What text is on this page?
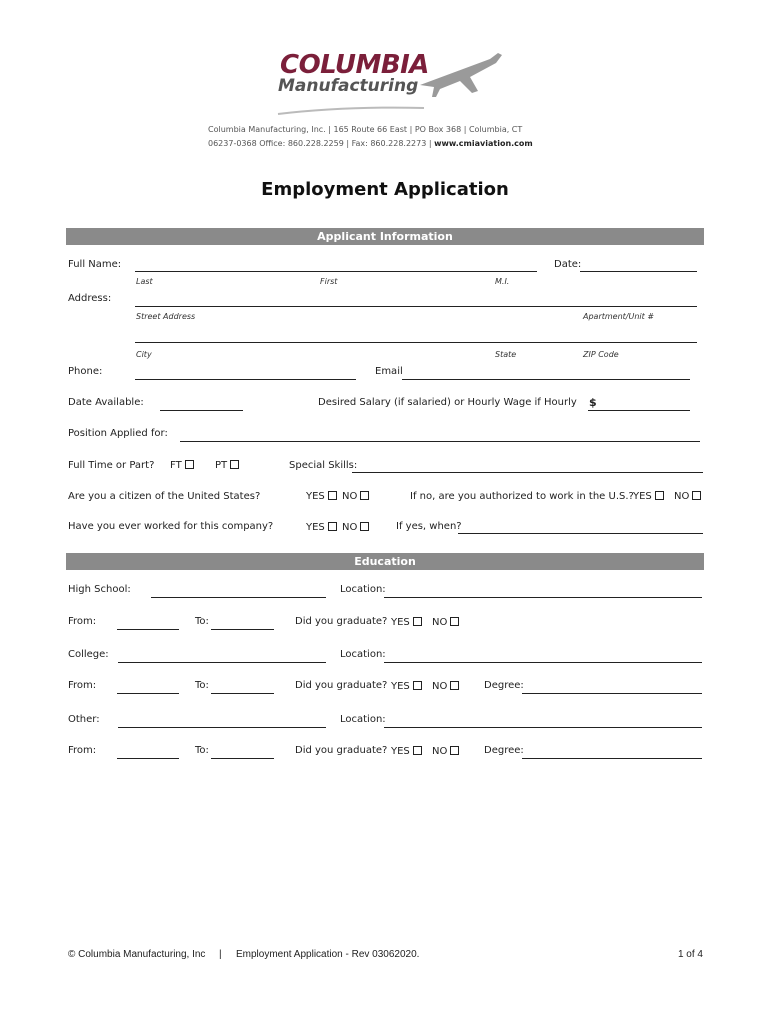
COLUMBIA
Manufacturing
Columbia Manufacturing, Inc. | 165 Route 66 East | PO Box 368 | Columbia, CT
06237-0368 Office: 860.228.2259 | Fax: 860.228.2273 | www.cmiaviation.com
Employment Application
Applicant Information
Full Name:	Date:
Last	First	M.I.
Address:
Street Address	Apartment/Unit #
City	State	ZIP Code
Phone:	Email
Date Available:	Desired Salary (if salaried) or Hourly Wage if Hourly $
Position Applied for:
Full Time or Part? FT	PT	Special Skills:
Are you a citizen of the United States?	YES	NO	If no, are you authorized to work in the U.S.? YES	NO
Have you ever worked for this company?	YES	NO	If yes, when?
Education
High School:	Location:
From:	To:	Did you graduate? YES	NO
College:	Location:
From:	To:	Did you graduate? YES	NO	Degree:
Other:	Location:
From:	To:	Did you graduate? YES	NO	Degree:
© Columbia Manufacturing, Inc | Employment Application - Rev 03062020.	1 of 4
